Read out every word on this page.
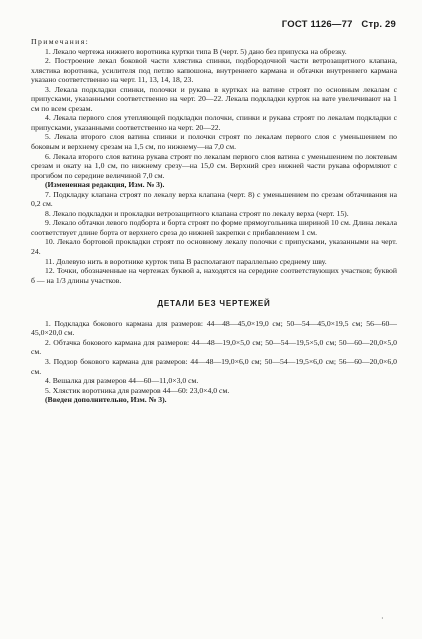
ГОСТ 1126—77 Стр. 29

Примечания:

1. Лекало чертежа нижнего воротника куртки типа В (черт. 5) дано без припуска на обрезку.

2. Построение лекал боковой части хлястика спинки, подбородочной части ветрозащитного клапана, хлястика воротника, усилителя под петлю капюшона, внутреннего кармана и обтачки внутреннего кармана указано соответственно на черт. 11, 13, 14, 18, 23.

3. Лекала подкладки спинки, полочки и рукава в куртках на ватине строят по основным лекалам с припусками, указанными соответственно на черт. 20—22. Лекала подкладки курток на вате увеличивают на 1 см по всем срезам.

4. Лекала первого слоя утепляющей подкладки полочки, спинки и рукава строят по лекалам подкладки с припусками, указанными соответственно на черт. 20—22.

5. Лекала второго слоя ватина спинки и полочки строят по лекалам первого слоя с уменьшением по боковым и верхнему срезам на 1,5 см, по нижнему—на 7,0 см.

6. Лекала второго слоя ватина рукава строят по лекалам первого слоя ватина с уменьшением по локтевым срезам и окату на 1,0 см, по нижнему срезу—на 15,0 см. Верхний срез нижней части рукава оформляют с прогибом по середине величиной 7,0 см.

(Измененная редакция, Изм. № 3).

7. Подкладку клапана строят по лекалу верха клапана (черт. 8) с уменьшением по срезам обтачивания на 0,2 см.

8. Лекало подкладки и прокладки ветрозащитного клапана строят по лекалу верха (черт. 15).

9. Лекало обтачки левого подборта и борта строят по форме прямоугольника шириной 10 см. Длина лекала соответствует длине борта от верхнего среза до нижней закрепки с прибавлением 1 см.

10. Лекало бортовой прокладки строят по основному лекалу полочки с припусками, указанными на черт. 24.

11. Долевую нить в воротнике курток типа В располагают параллельно среднему шву.

12. Точки, обозначенные на чертежах буквой а, находятся на середине соответствующих участков; буквой б — на 1/3 длины участков.

ДЕТАЛИ БЕЗ ЧЕРТЕЖЕЙ

1. Подкладка бокового кармана для размеров: 44—48—45,0×19,0 см; 50—54—45,0×19,5 см; 56—60—45,0×20,0 см.

2. Обтачка бокового кармана для размеров: 44—48—19,0×5,0 см; 50—54—19,5×5,0 см; 50—60—20,0×5,0 см.

3. Подзор бокового кармана для размеров: 44—48—19,0×6,0 см; 50—54—19,5×6,0 см; 56—60—20,0×6,0 см.

4. Вешалка для размеров 44—60—11,0×3,0 см.

5. Хлястик воротника для размеров 44—60: 23,0×4,0 см.

(Введен дополнительно, Изм. № 3).

·
